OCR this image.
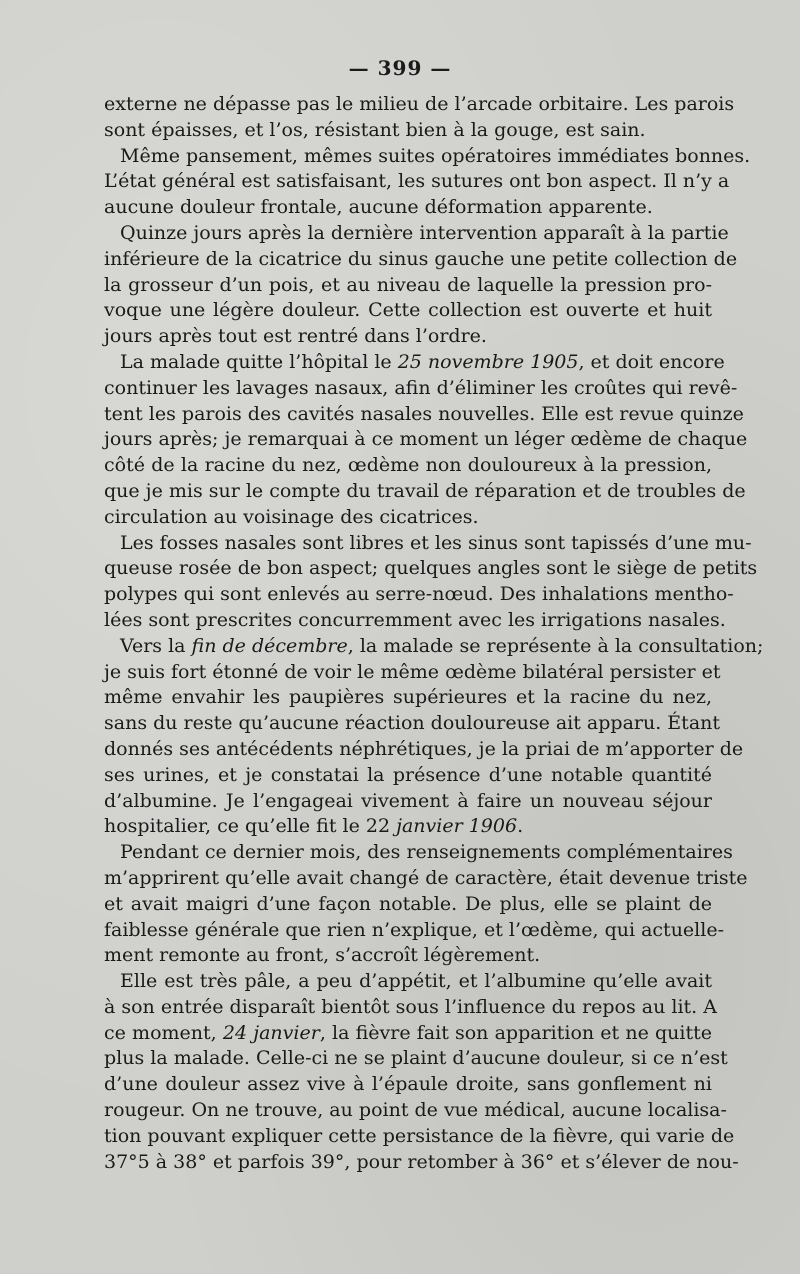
— 399 —
externe ne dépasse pas le milieu de l’arcade orbitaire. Les parois
sont épaisses, et l’os, résistant bien à la gouge, est sain.
Même pansement, mêmes suites opératoires immédiates bonnes.
L’état général est satisfaisant, les sutures ont bon aspect. Il n’y a
aucune douleur frontale, aucune déformation apparente.
Quinze jours après la dernière intervention apparaît à la partie
inférieure de la cicatrice du sinus gauche une petite collection de
la grosseur d’un pois, et au niveau de laquelle la pression pro-
voque une légère douleur. Cette collection est ouverte et huit
jours après tout est rentré dans l’ordre.
La malade quitte l’hôpital le 25 novembre 1905, et doit encore
continuer les lavages nasaux, afin d’éliminer les croûtes qui revê-
tent les parois des cavités nasales nouvelles. Elle est revue quinze
jours après; je remarquai à ce moment un léger œdème de chaque
côté de la racine du nez, œdème non douloureux à la pression,
que je mis sur le compte du travail de réparation et de troubles de
circulation au voisinage des cicatrices.
Les fosses nasales sont libres et les sinus sont tapissés d’une mu-
queuse rosée de bon aspect; quelques angles sont le siège de petits
polypes qui sont enlevés au serre-nœud. Des inhalations mentho-
lées sont prescrites concurremment avec les irrigations nasales.
Vers la fin de décembre, la malade se représente à la consultation;
je suis fort étonné de voir le même œdème bilatéral persister et
même envahir les paupières supérieures et la racine du nez,
sans du reste qu’aucune réaction douloureuse ait apparu. Étant
donnés ses antécédents néphrétiques, je la priai de m’apporter de
ses urines, et je constatai la présence d’une notable quantité
d’albumine. Je l’engageai vivement à faire un nouveau séjour
hospitalier, ce qu’elle fit le 22 janvier 1906.
Pendant ce dernier mois, des renseignements complémentaires
m’apprirent qu’elle avait changé de caractère, était devenue triste
et avait maigri d’une façon notable. De plus, elle se plaint de
faiblesse générale que rien n’explique, et l’œdème, qui actuelle-
ment remonte au front, s’accroît légèrement.
Elle est très pâle, a peu d’appétit, et l’albumine qu’elle avait
à son entrée disparaît bientôt sous l’influence du repos au lit. A
ce moment, 24 janvier, la fièvre fait son apparition et ne quitte
plus la malade. Celle-ci ne se plaint d’aucune douleur, si ce n’est
d’une douleur assez vive à l’épaule droite, sans gonflement ni
rougeur. On ne trouve, au point de vue médical, aucune localisa-
tion pouvant expliquer cette persistance de la fièvre, qui varie de
37°5 à 38° et parfois 39°, pour retomber à 36° et s’élever de nou-
